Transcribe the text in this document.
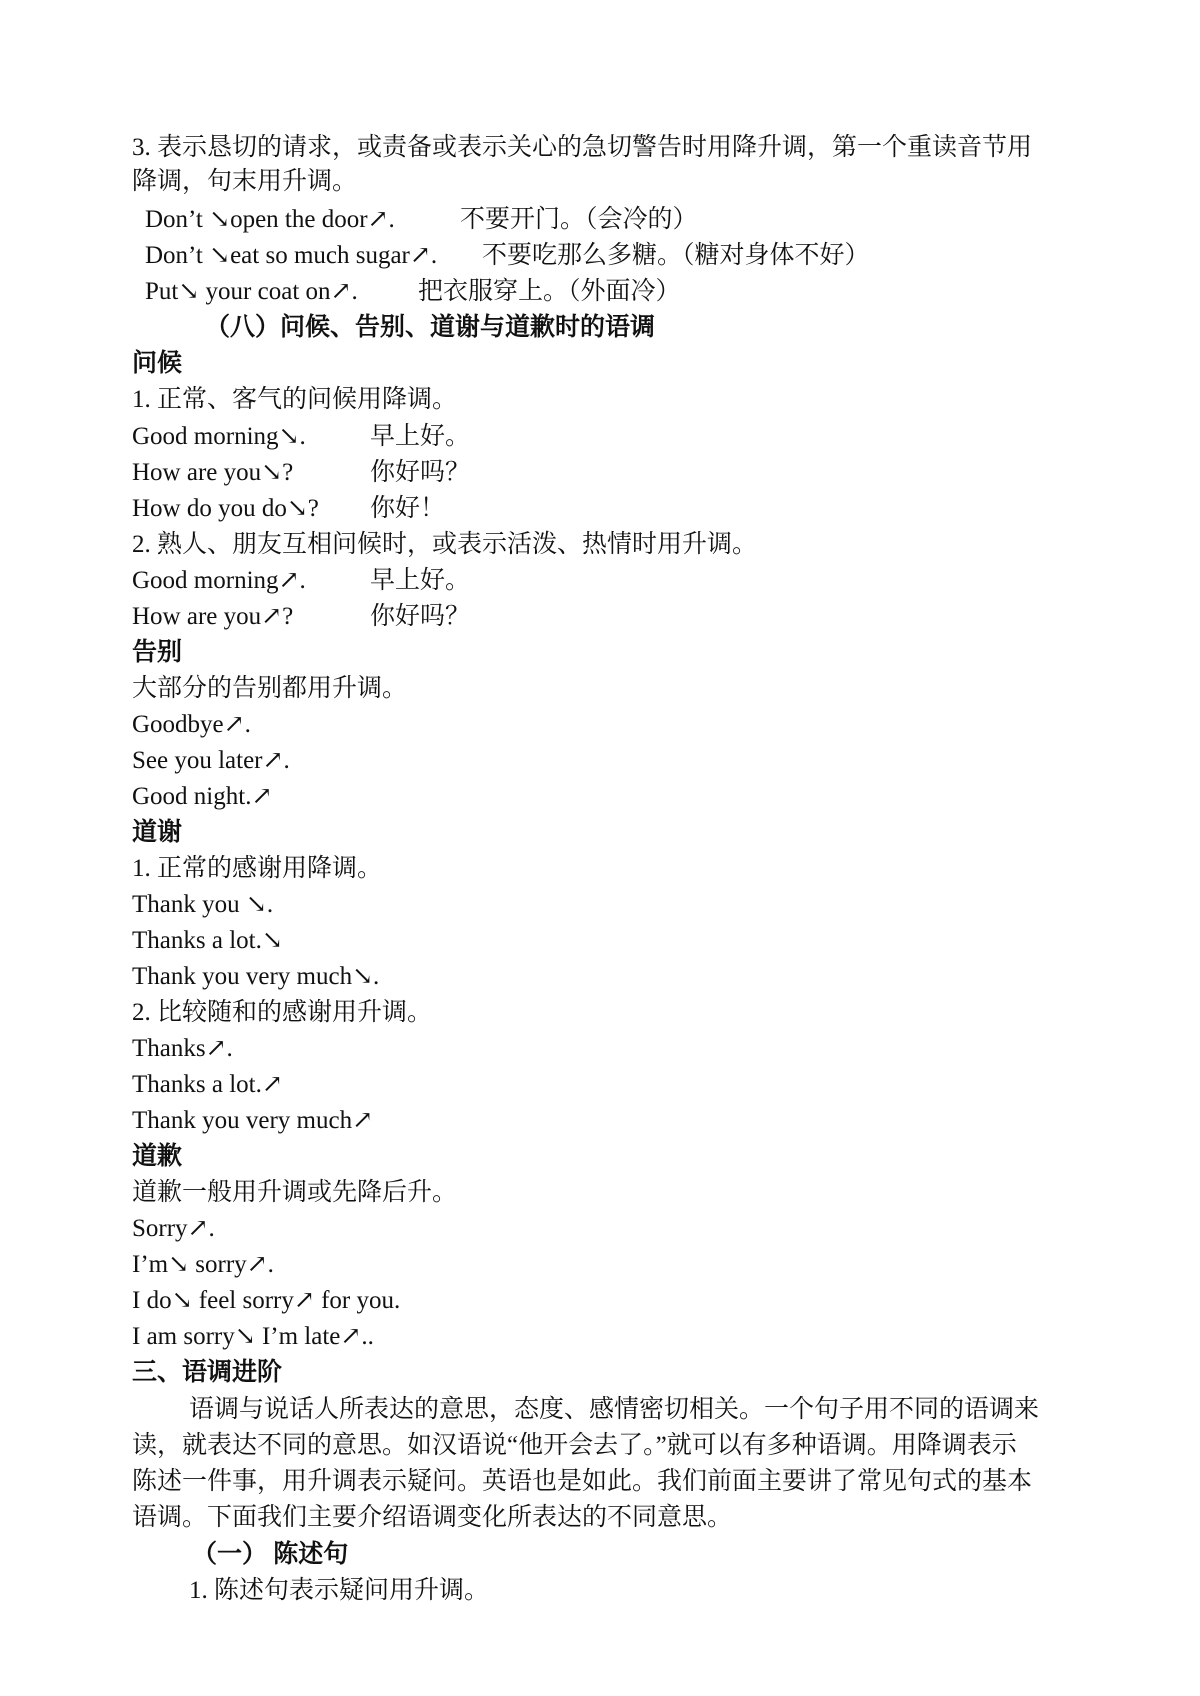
3. 表示恳切的请求，或责备或表示关心的急切警告时用降升调，第一个重读音节用
降调，句末用升调。
Don’t ↘open the door↗.	不要开门。（会冷的）
Don’t ↘eat so much sugar↗. 不要吃那么多糖。（糖对身体不好）
Put↘ your coat on↗. 把衣服穿上。（外面冷）
（八）问候、告别、道谢与道歉时的语调
问候
1. 正常、客气的问候用降调。
Good morning↘.	早上好。
How are you↘?	你好吗？
How do you do↘? 你好！
2. 熟人、朋友互相问候时，或表示活泼、热情时用升调。
Good morning↗.	早上好。
How are you↗?	你好吗？
告别
大部分的告别都用升调。
Goodbye↗.
See you later↗.
Good night.↗
道谢
1. 正常的感谢用降调。
Thank you ↘.
Thanks a lot.↘
Thank you very much↘.
2. 比较随和的感谢用升调。
Thanks↗.
Thanks a lot.↗
Thank you very much↗
道歉
道歉一般用升调或先降后升。
Sorry↗.
I’m↘ sorry↗.
I do↘ feel sorry↗ for you.
I am sorry↘ I’m late↗..
三、语调进阶
语调与说话人所表达的意思，态度、感情密切相关。一个句子用不同的语调来
读，就表达不同的意思。如汉语说“他开会去了。”就可以有多种语调。用降调表示
陈述一件事，用升调表示疑问。英语也是如此。我们前面主要讲了常见句式的基本
语调。下面我们主要介绍语调变化所表达的不同意思。
（一） 陈述句
1. 陈述句表示疑问用升调。
